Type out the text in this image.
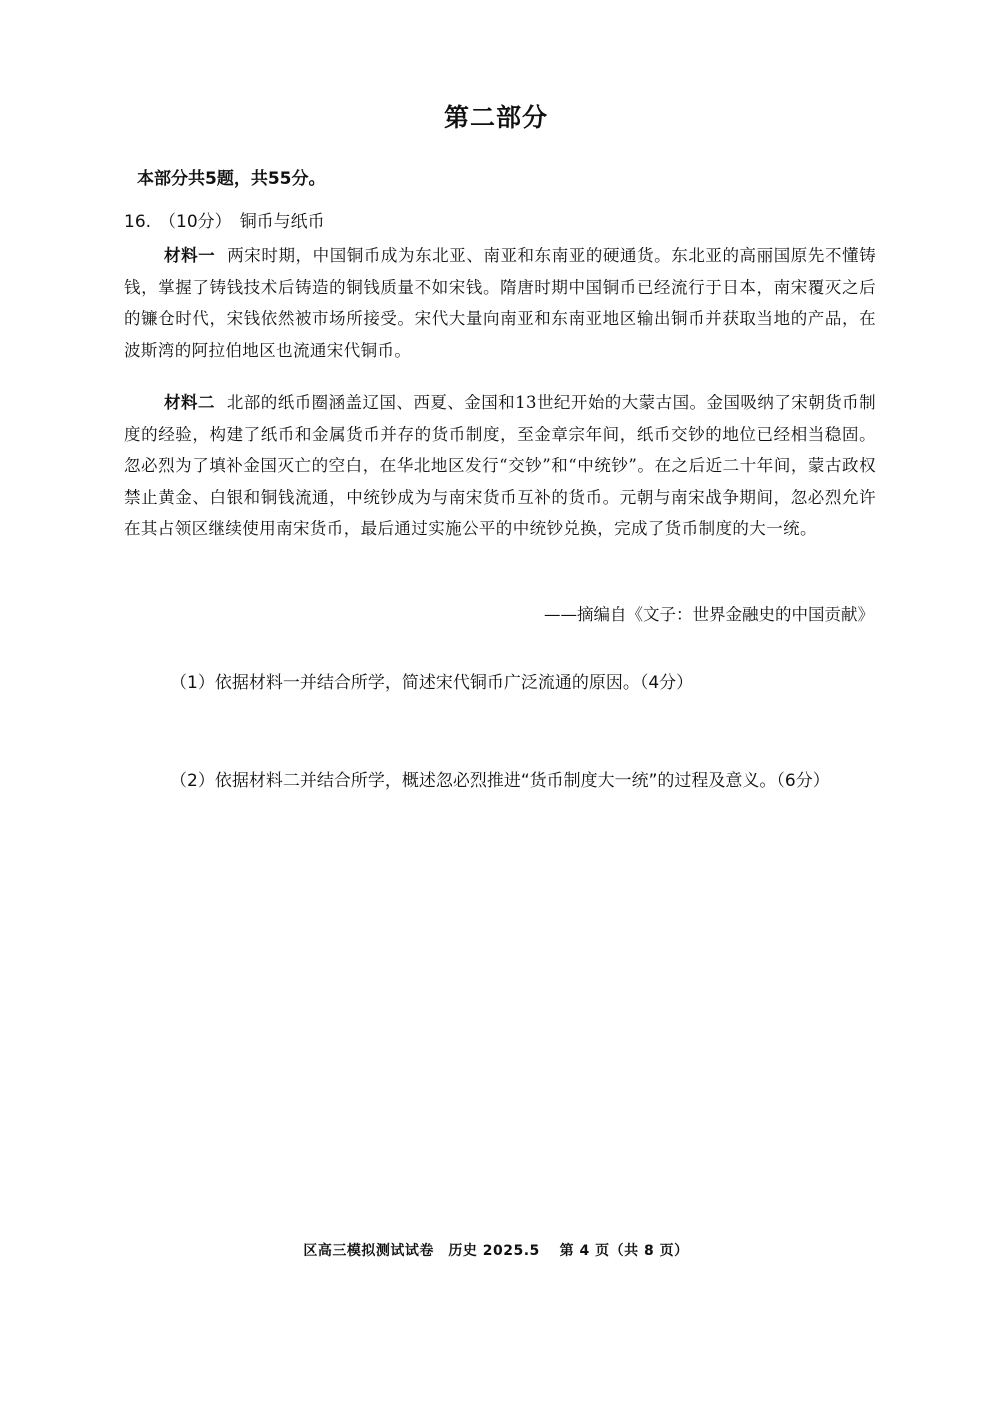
第二部分
本部分共5题，共55分。
16. （10分） 铜币与纸币
材料一 两宋时期，中国铜币成为东北亚、南亚和东南亚的硬通货。东北亚的高丽国原先不懂铸钱，掌握了铸钱技术后铸造的铜钱质量不如宋钱。隋唐时期中国铜币已经流行于日本，南宋覆灭之后的镰仓时代，宋钱依然被市场所接受。宋代大量向南亚和东南亚地区输出铜币并获取当地的产品，在波斯湾的阿拉伯地区也流通宋代铜币。
材料二 北部的纸币圈涵盖辽国、西夏、金国和13世纪开始的大蒙古国。金国吸纳了宋朝货币制度的经验，构建了纸币和金属货币并存的货币制度，至金章宗年间，纸币交钞的地位已经相当稳固。忽必烈为了填补金国灭亡的空白，在华北地区发行“交钞”和“中统钞”。在之后近二十年间，蒙古政权禁止黄金、白银和铜钱流通，中统钞成为与南宋货币互补的货币。元朝与南宋战争期间，忽必烈允许在其占领区继续使用南宋货币，最后通过实施公平的中统钞兑换，完成了货币制度的大一统。
——摘编自《文子：世界金融史的中国贡献》
（1）依据材料一并结合所学，简述宋代铜币广泛流通的原因。（4分）
（2）依据材料二并结合所学，概述忽必烈推进“货币制度大一统”的过程及意义。（6分）
区高三模拟测试试卷　历史 2025.5　 第 4 页（共 8 页）
